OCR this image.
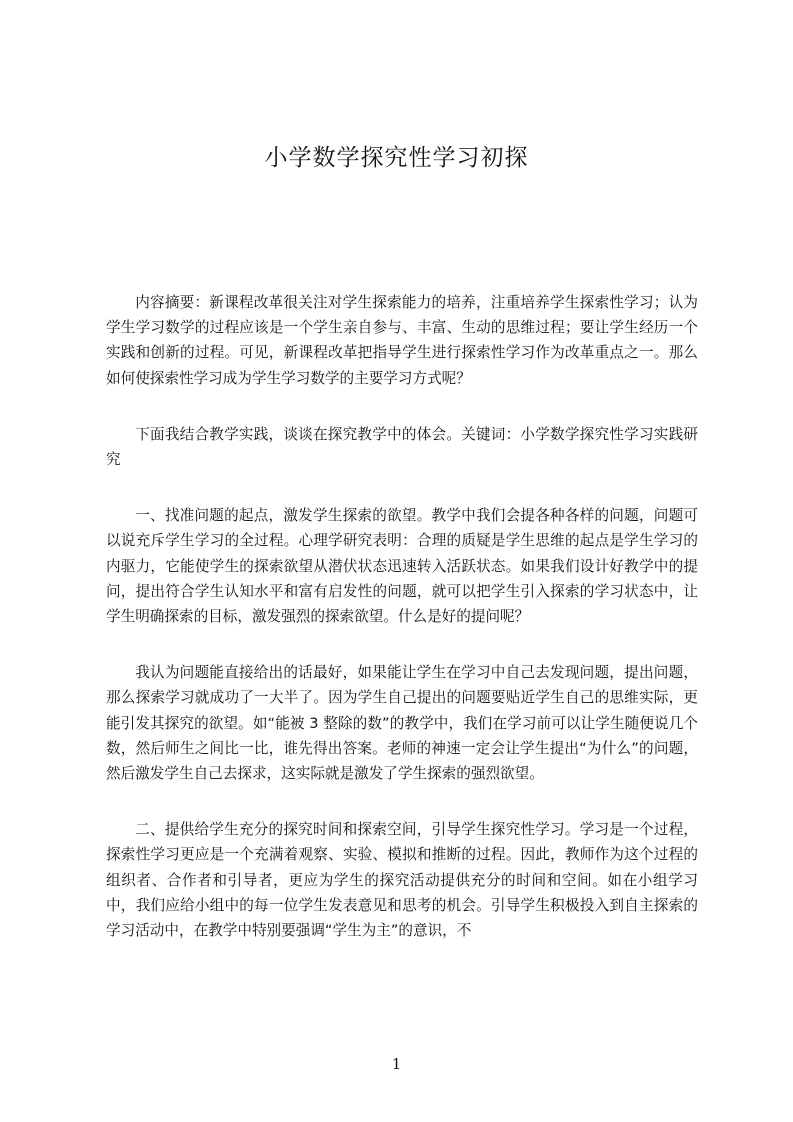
小学数学探究性学习初探

内容摘要：新课程改革很关注对学生探索能力的培养，注重培养学生探索性学习；认为学生学习数学的过程应该是一个学生亲自参与、丰富、生动的思维过程；要让学生经历一个实践和创新的过程。可见，新课程改革把指导学生进行探索性学习作为改革重点之一。那么如何使探索性学习成为学生学习数学的主要学习方式呢？

下面我结合教学实践，谈谈在探究教学中的体会。关键词：小学数学探究性学习实践研究

一、找准问题的起点，激发学生探索的欲望。教学中我们会提各种各样的问题，问题可以说充斥学生学习的全过程。心理学研究表明：合理的质疑是学生思维的起点是学生学习的内驱力，它能使学生的探索欲望从潜伏状态迅速转入活跃状态。如果我们设计好教学中的提问，提出符合学生认知水平和富有启发性的问题，就可以把学生引入探索的学习状态中，让学生明确探索的目标，激发强烈的探索欲望。什么是好的提问呢？

我认为问题能直接给出的话最好，如果能让学生在学习中自己去发现问题，提出问题，那么探索学习就成功了一大半了。因为学生自己提出的问题要贴近学生自己的思维实际，更能引发其探究的欲望。如“能被 3 整除的数”的教学中，我们在学习前可以让学生随便说几个数，然后师生之间比一比，谁先得出答案。老师的神速一定会让学生提出“为什么”的问题，然后激发学生自己去探求，这实际就是激发了学生探索的强烈欲望。

二、提供给学生充分的探究时间和探索空间，引导学生探究性学习。学习是一个过程，探索性学习更应是一个充满着观察、实验、模拟和推断的过程。因此，教师作为这个过程的组织者、合作者和引导者，更应为学生的探究活动提供充分的时间和空间。如在小组学习中，我们应给小组中的每一位学生发表意见和思考的机会。引导学生积极投入到自主探索的学习活动中，在教学中特别要强调“学生为主”的意识，不

1
